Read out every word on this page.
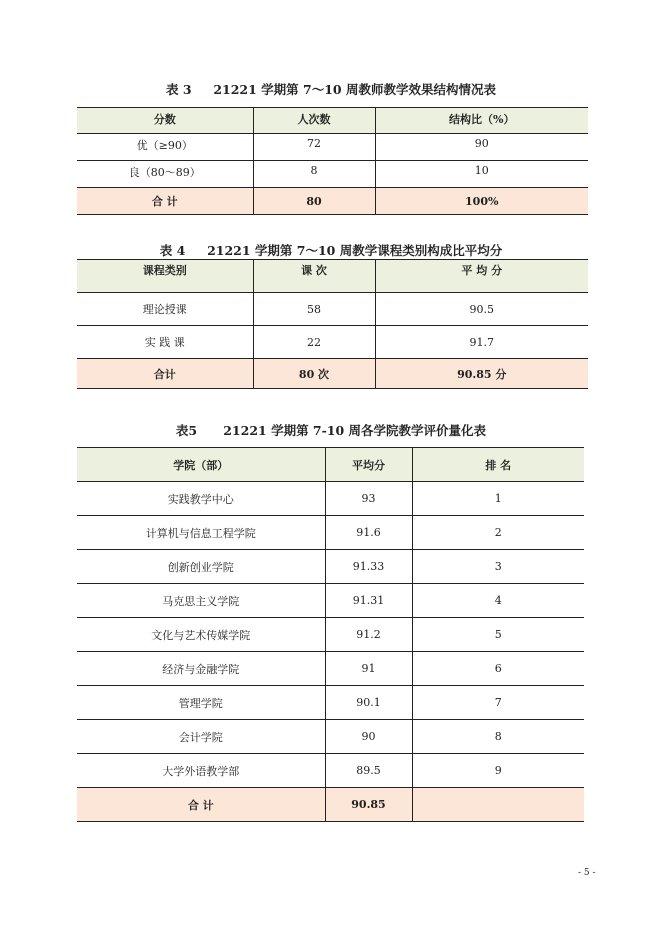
表 3     21221 学期第 7～10 周教师教学效果结构情况表
分数	人次数	结构比（%）
优（≥90）	72	90
良（80～89）	8	10
合 计	80	100%
表 4     21221 学期第 7～10 周教学课程类别构成比平均分
课程类别	课 次	平 均 分
理论授课	58	90.5
实 践 课	22	91.7
合计	80 次	90.85 分
表5      21221 学期第 7-10 周各学院教学评价量化表
学院（部）	平均分	排 名
实践教学中心	93	1
计算机与信息工程学院	91.6	2
创新创业学院	91.33	3
马克思主义学院	91.31	4
文化与艺术传媒学院	91.2	5
经济与金融学院	91	6
管理学院	90.1	7
会计学院	90	8
大学外语教学部	89.5	9
合 计	90.85	
- 5 -
